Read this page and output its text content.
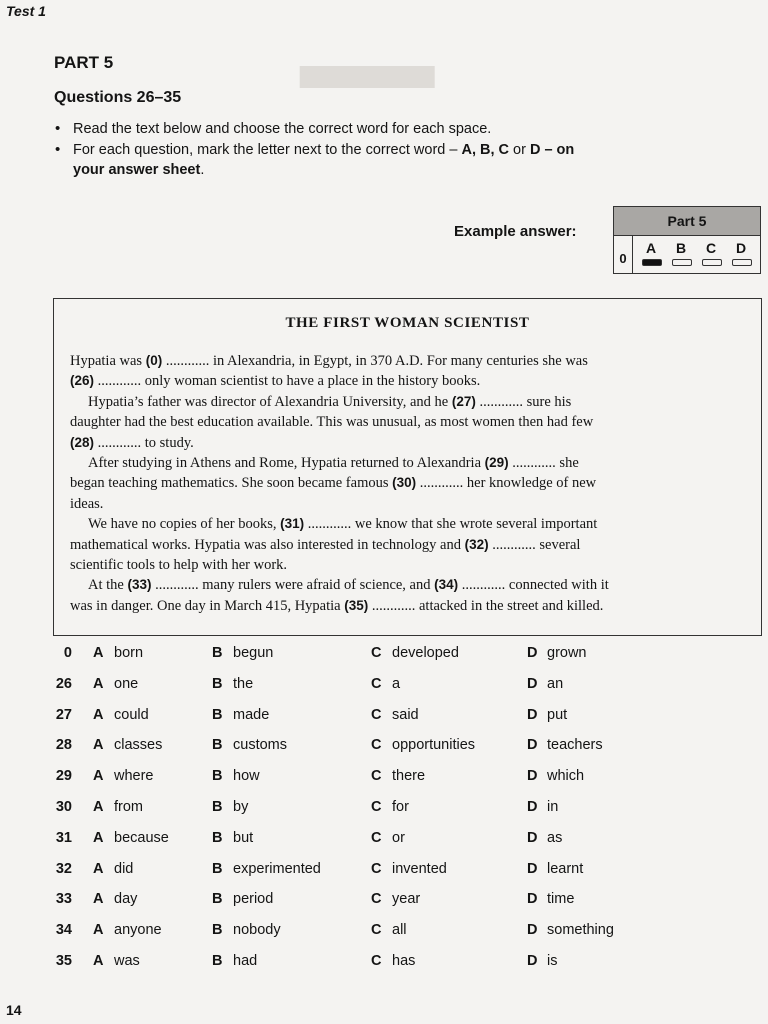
Test 1
PART 5
Questions 26–35
• Read the text below and choose the correct word for each space.
• For each question, mark the letter next to the correct word – A, B, C or D – on
your answer sheet.
Example answer:
Part 5
0
A	B	C	D
THE FIRST WOMAN SCIENTIST
Hypatia was (0) ............ in Alexandria, in Egypt, in 370 A.D. For many centuries she was
(26) ............ only woman scientist to have a place in the history books.
Hypatia’s father was director of Alexandria University, and he (27) ............ sure his
daughter had the best education available. This was unusual, as most women then had few
(28) ............ to study.
After studying in Athens and Rome, Hypatia returned to Alexandria (29) ............ she
began teaching mathematics. She soon became famous (30) ............ her knowledge of new
ideas.
We have no copies of her books, (31) ............ we know that she wrote several important
mathematical works. Hypatia was also interested in technology and (32) ............ several
scientific tools to help with her work.
At the (33) ............ many rulers were afraid of science, and (34) ............ connected with it
was in danger. One day in March 415, Hypatia (35) ............ attacked in the street and killed.
0 A born	B begun	C developed	D grown
26 A one	B the	C a	D an
27 A could	B made	C said	D put
28 A classes	B customs	C opportunities	D teachers
29 A where	B how	C there	D which
30 A from	B by	C for	D in
31 A because	B but	C or	D as
32 A did	B experimented	C invented	D learnt
33 A day	B period	C year	D time
34 A anyone	B nobody	C all	D something
35 A was	B had	C has	D is
14
